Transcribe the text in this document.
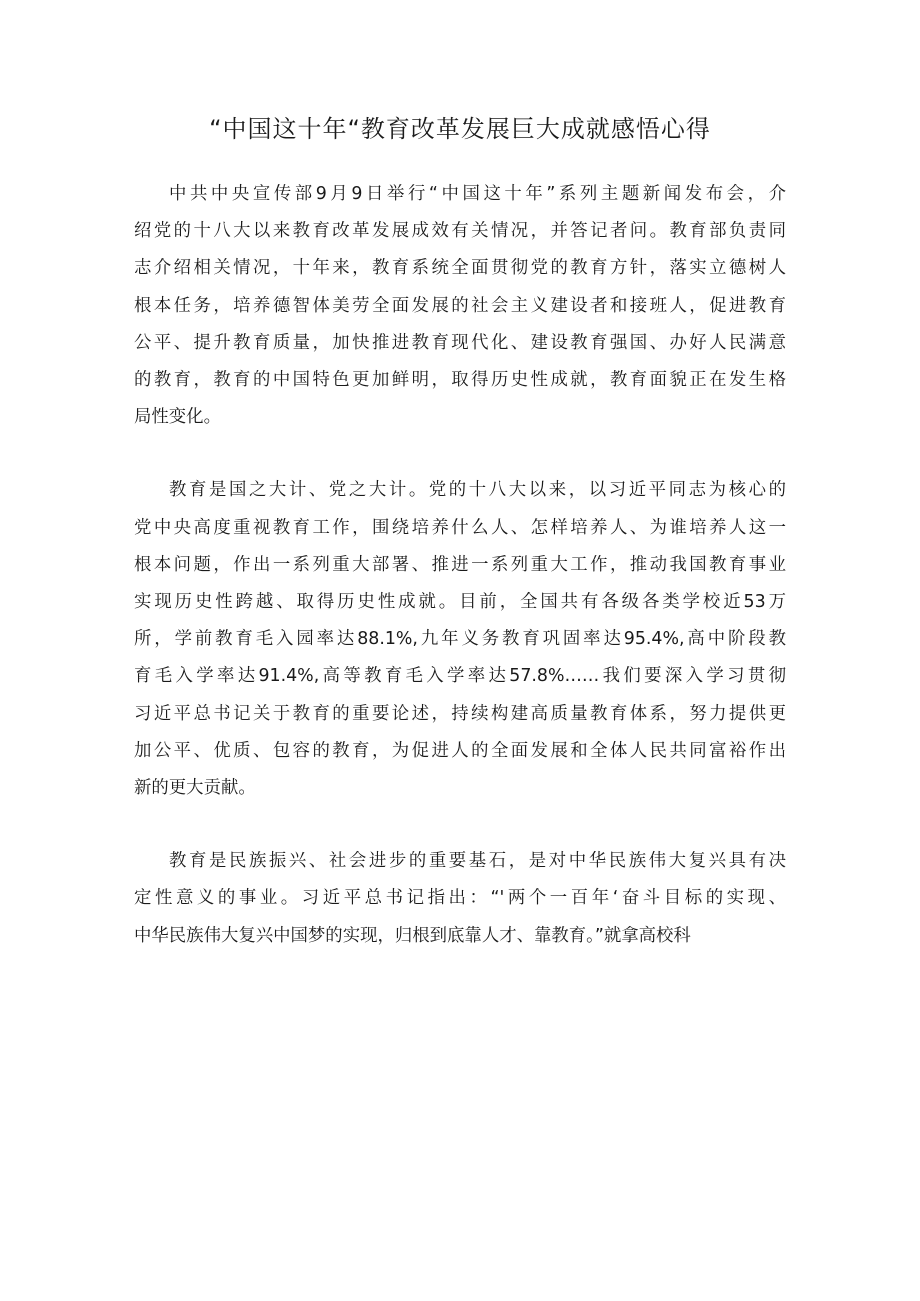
“中国这十年“教育改革发展巨大成就感悟心得
中共中央宣传部9月9日举行“中国这十年”系列主题新闻发布会，介
绍党的十八大以来教育改革发展成效有关情况，并答记者问。教育部负责同
志介绍相关情况，十年来，教育系统全面贯彻党的教育方针，落实立德树人
根本任务，培养德智体美劳全面发展的社会主义建设者和接班人，促进教育
公平、提升教育质量，加快推进教育现代化、建设教育强国、办好人民满意
的教育，教育的中国特色更加鲜明，取得历史性成就，教育面貌正在发生格
局性变化。
教育是国之大计、党之大计。党的十八大以来，以习近平同志为核心的
党中央高度重视教育工作，围绕培养什么人、怎样培养人、为谁培养人这一
根本问题，作出一系列重大部署、推进一系列重大工作，推动我国教育事业
实现历史性跨越、取得历史性成就。目前，全国共有各级各类学校近53万
所，学前教育毛入园率达88.1%,九年义务教育巩固率达95.4%,高中阶段教
育毛入学率达91.4%,高等教育毛入学率达57.8%……我们要深入学习贯彻
习近平总书记关于教育的重要论述，持续构建高质量教育体系，努力提供更
加公平、优质、包容的教育，为促进人的全面发展和全体人民共同富裕作出
新的更大贡献。
教育是民族振兴、社会进步的重要基石，是对中华民族伟大复兴具有决
定性意义的事业。习近平总书记指出：“'两个一百年‘奋斗目标的实现、
中华民族伟大复兴中国梦的实现，归根到底靠人才、靠教育。”就拿高校科
